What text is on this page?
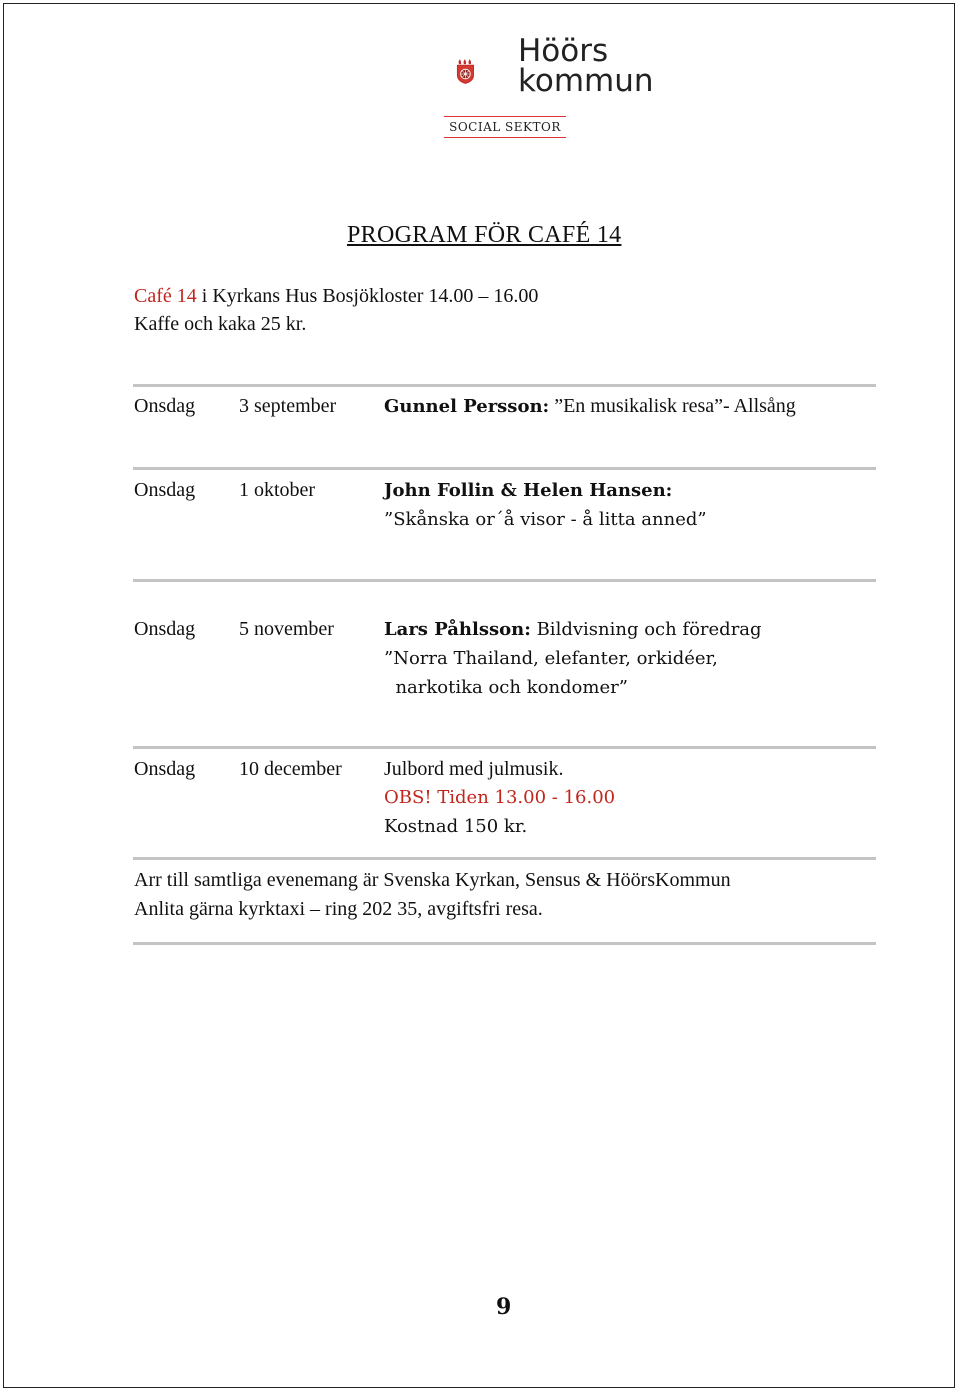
Höörs
kommun
SOCIAL SEKTOR
PROGRAM FÖR CAFÉ 14
Café 14 i Kyrkans Hus Bosjökloster 14.00 – 16.00
Kaffe och kaka 25 kr.
Onsdag	3 september	Gunnel Persson: ”En musikalisk resa”- Allsång
Onsdag	1 oktober	John Follin & Helen Hansen:
”Skånska or´å visor - å litta anned”
Onsdag	5 november	Lars Påhlsson: Bildvisning och föredrag
”Norra Thailand, elefanter, orkidéer,
narkotika och kondomer”
Onsdag	10 december	Julbord med julmusik.
OBS! Tiden 13.00 - 16.00
Kostnad 150 kr.
Arr till samtliga evenemang är Svenska Kyrkan, Sensus & HöörsKommun
Anlita gärna kyrktaxi – ring 202 35, avgiftsfri resa.
9
